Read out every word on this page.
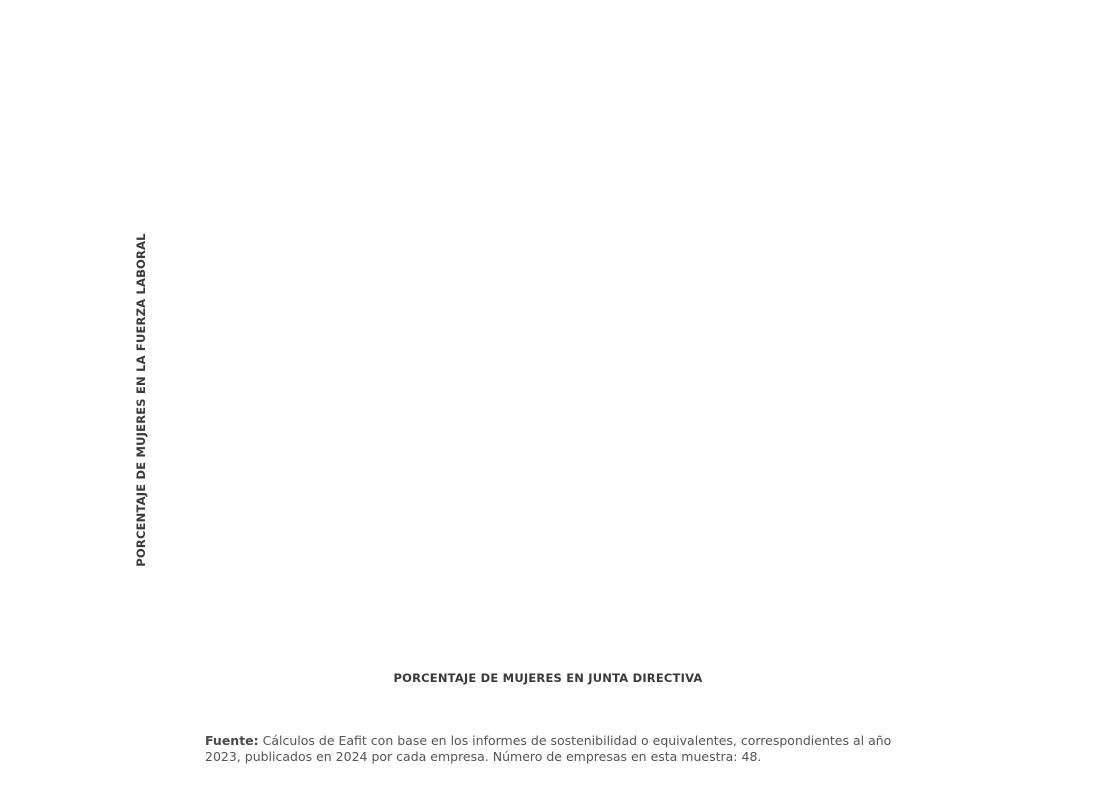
PORCENTAJE DE MUJERES EN LA FUERZA LABORAL
PORCENTAJE DE MUJERES EN JUNTA DIRECTIVA
Fuente: Cálculos de Eafit con base en los informes de sostenibilidad o equivalentes, correspondientes al año 2023, publicados en 2024 por cada empresa. Número de empresas en esta muestra: 48.
